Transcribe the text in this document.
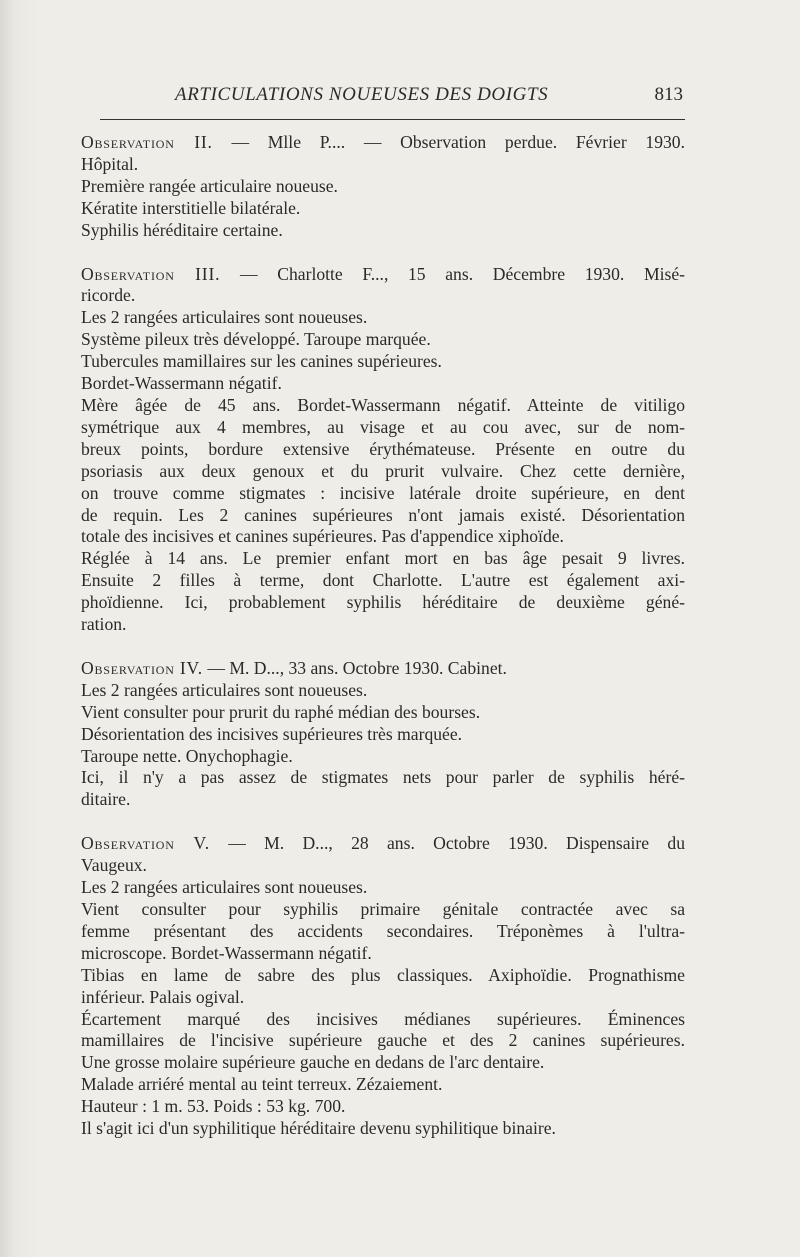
ARTICULATIONS NOUEUSES DES DOIGTS	813
Observation II. — Mlle P.... — Observation perdue. Février 1930.
Hôpital.
Première rangée articulaire noueuse.
Kératite interstitielle bilatérale.
Syphilis héréditaire certaine.
Observation III. — Charlotte F..., 15 ans. Décembre 1930. Misé-
ricorde.
Les 2 rangées articulaires sont noueuses.
Système pileux très développé. Taroupe marquée.
Tubercules mamillaires sur les canines supérieures.
Bordet-Wassermann négatif.
Mère âgée de 45 ans. Bordet-Wassermann négatif. Atteinte de vitiligo
symétrique aux 4 membres, au visage et au cou avec, sur de nom-
breux points, bordure extensive érythémateuse. Présente en outre du
psoriasis aux deux genoux et du prurit vulvaire. Chez cette dernière,
on trouve comme stigmates : incisive latérale droite supérieure, en dent
de requin. Les 2 canines supérieures n'ont jamais existé. Désorientation
totale des incisives et canines supérieures. Pas d'appendice xiphoïde.
Réglée à 14 ans. Le premier enfant mort en bas âge pesait 9 livres.
Ensuite 2 filles à terme, dont Charlotte. L'autre est également axi-
phoïdienne. Ici, probablement syphilis héréditaire de deuxième géné-
ration.
Observation IV. — M. D..., 33 ans. Octobre 1930. Cabinet.
Les 2 rangées articulaires sont noueuses.
Vient consulter pour prurit du raphé médian des bourses.
Désorientation des incisives supérieures très marquée.
Taroupe nette. Onychophagie.
Ici, il n'y a pas assez de stigmates nets pour parler de syphilis héré-
ditaire.
Observation V. — M. D..., 28 ans. Octobre 1930. Dispensaire du
Vaugeux.
Les 2 rangées articulaires sont noueuses.
Vient consulter pour syphilis primaire génitale contractée avec sa
femme présentant des accidents secondaires. Tréponèmes à l'ultra-
microscope. Bordet-Wassermann négatif.
Tibias en lame de sabre des plus classiques. Axiphoïdie. Prognathisme
inférieur. Palais ogival.
Écartement marqué des incisives médianes supérieures. Éminences
mamillaires de l'incisive supérieure gauche et des 2 canines supérieures.
Une grosse molaire supérieure gauche en dedans de l'arc dentaire.
Malade arriéré mental au teint terreux. Zézaiement.
Hauteur : 1 m. 53. Poids : 53 kg. 700.
Il s'agit ici d'un syphilitique héréditaire devenu syphilitique binaire.
